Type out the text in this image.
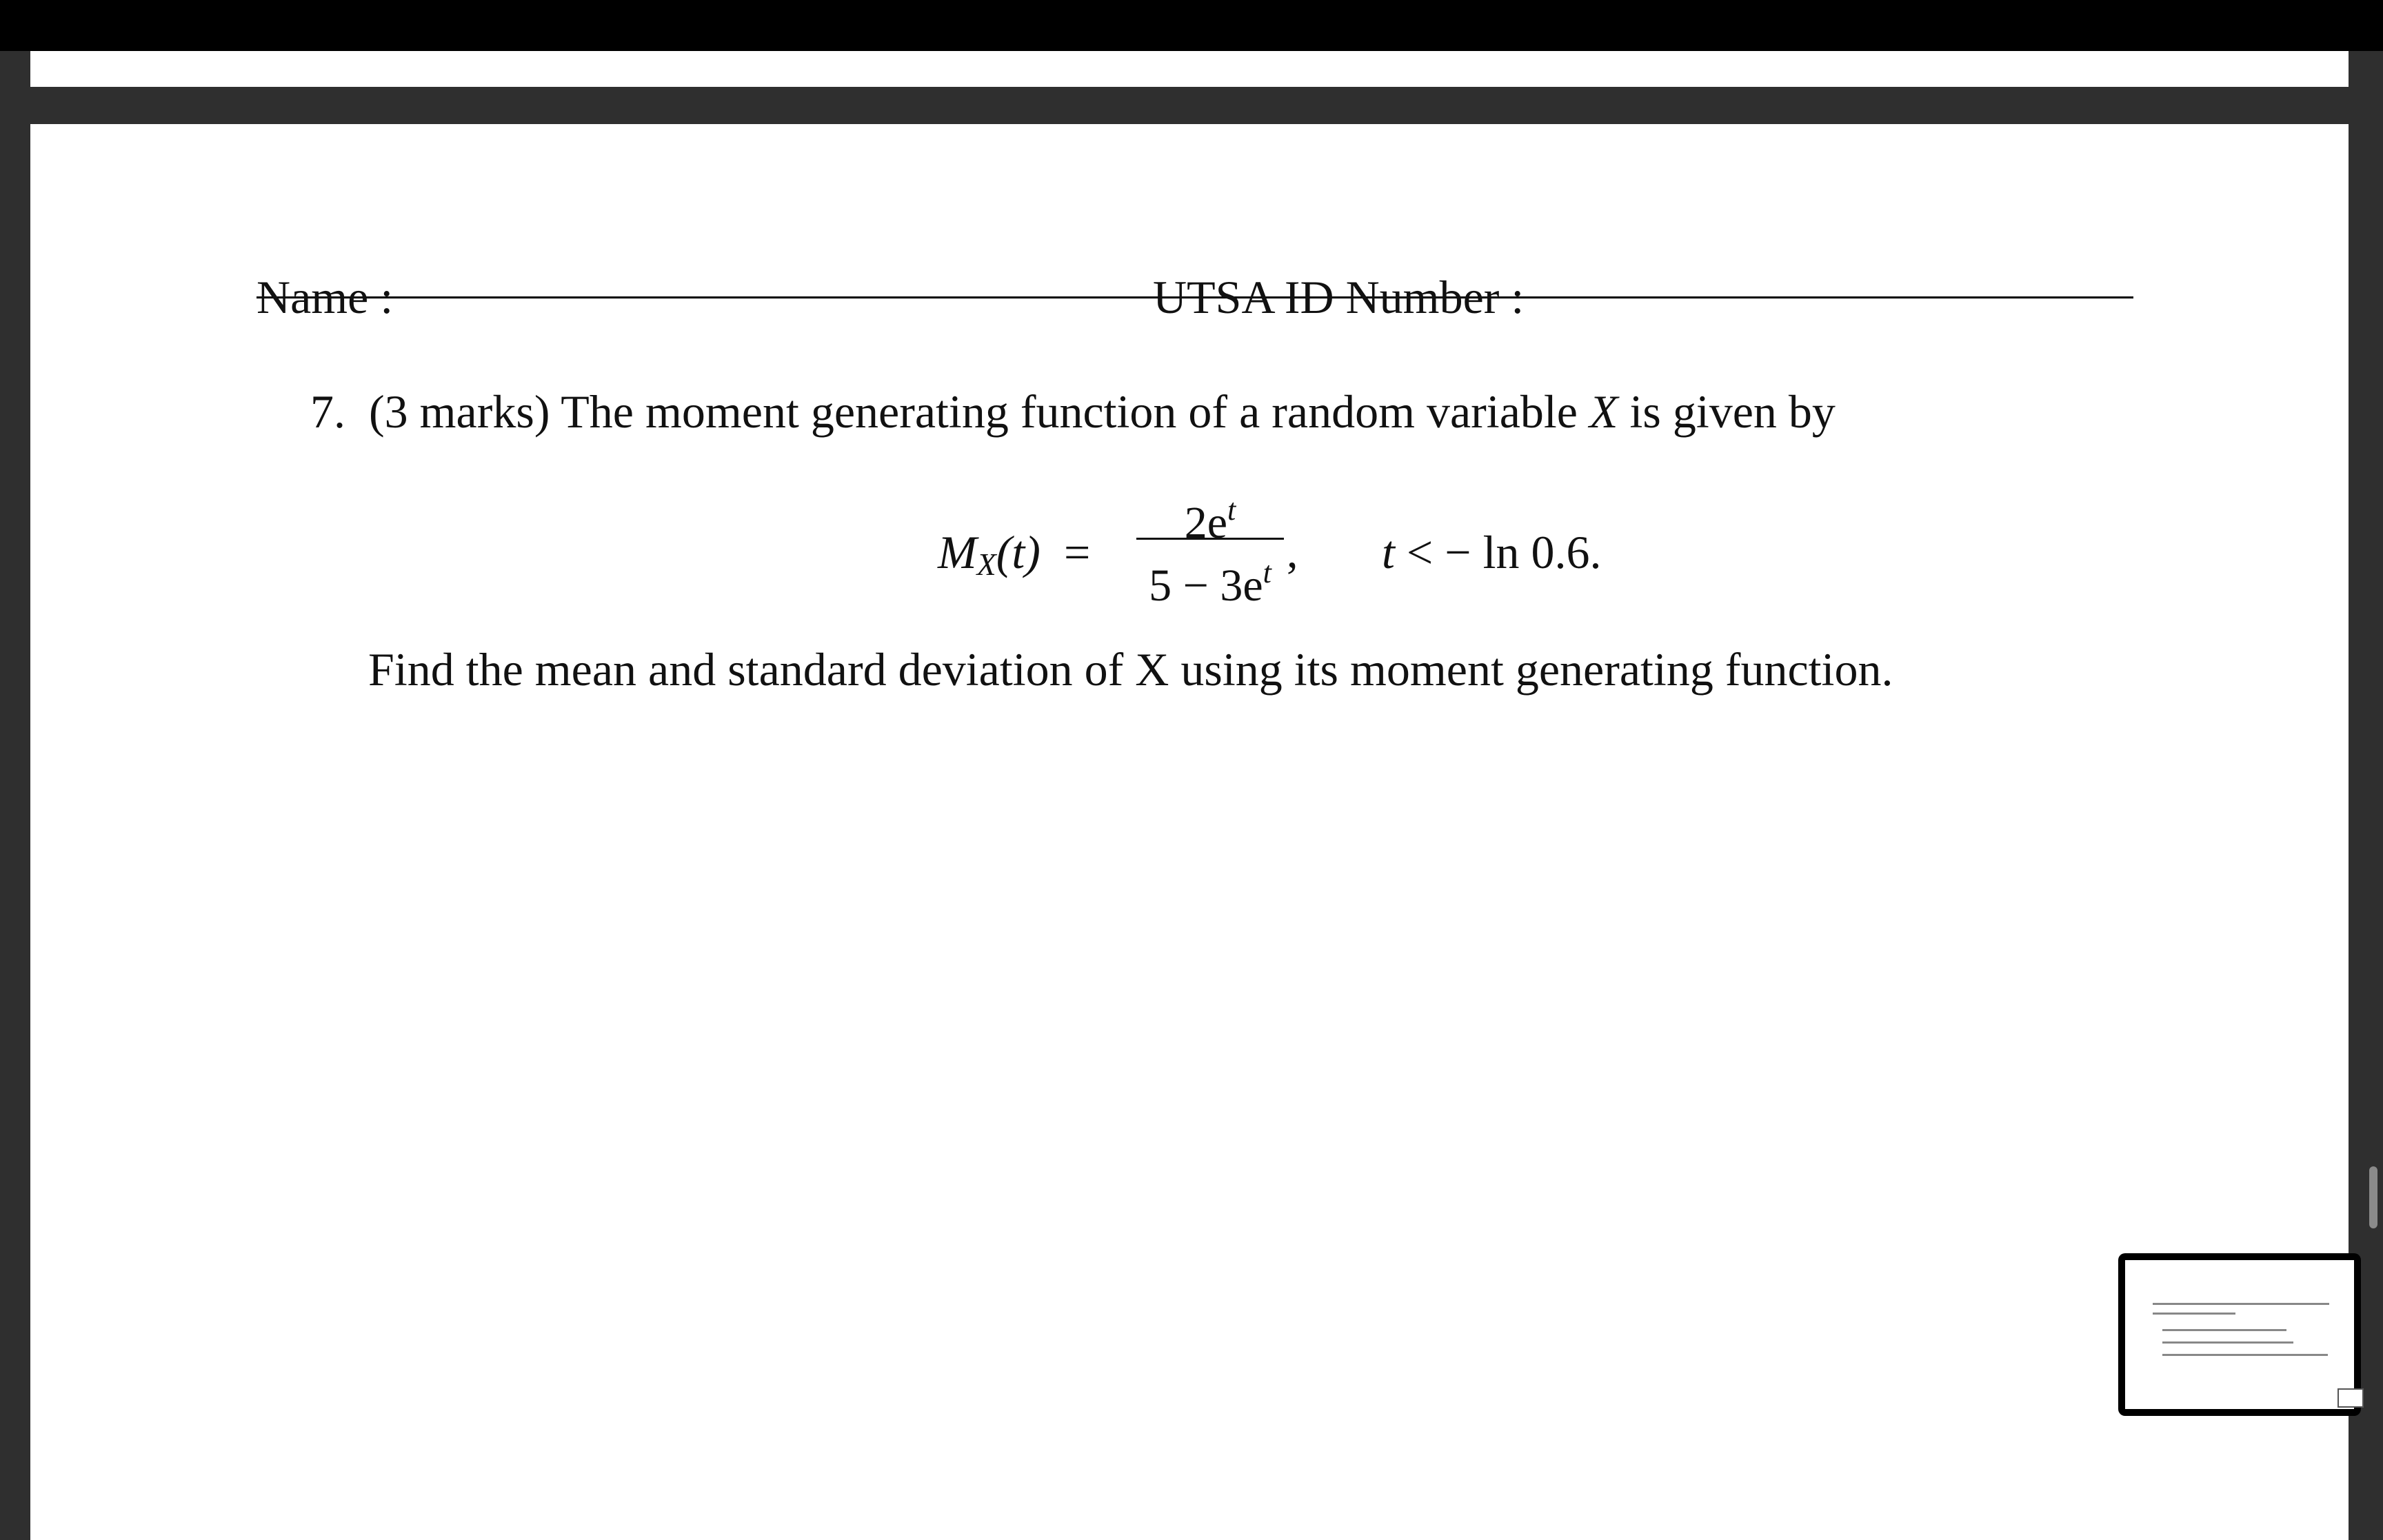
Name :	UTSA ID Number :
7. (3 marks) The moment generating function of a random variable X is given by
$M_X(t)$ =
$2e^t$
$5 - 3e^t$ , t < − ln 0.6.
Find the mean and standard deviation of X using its moment generating function.
